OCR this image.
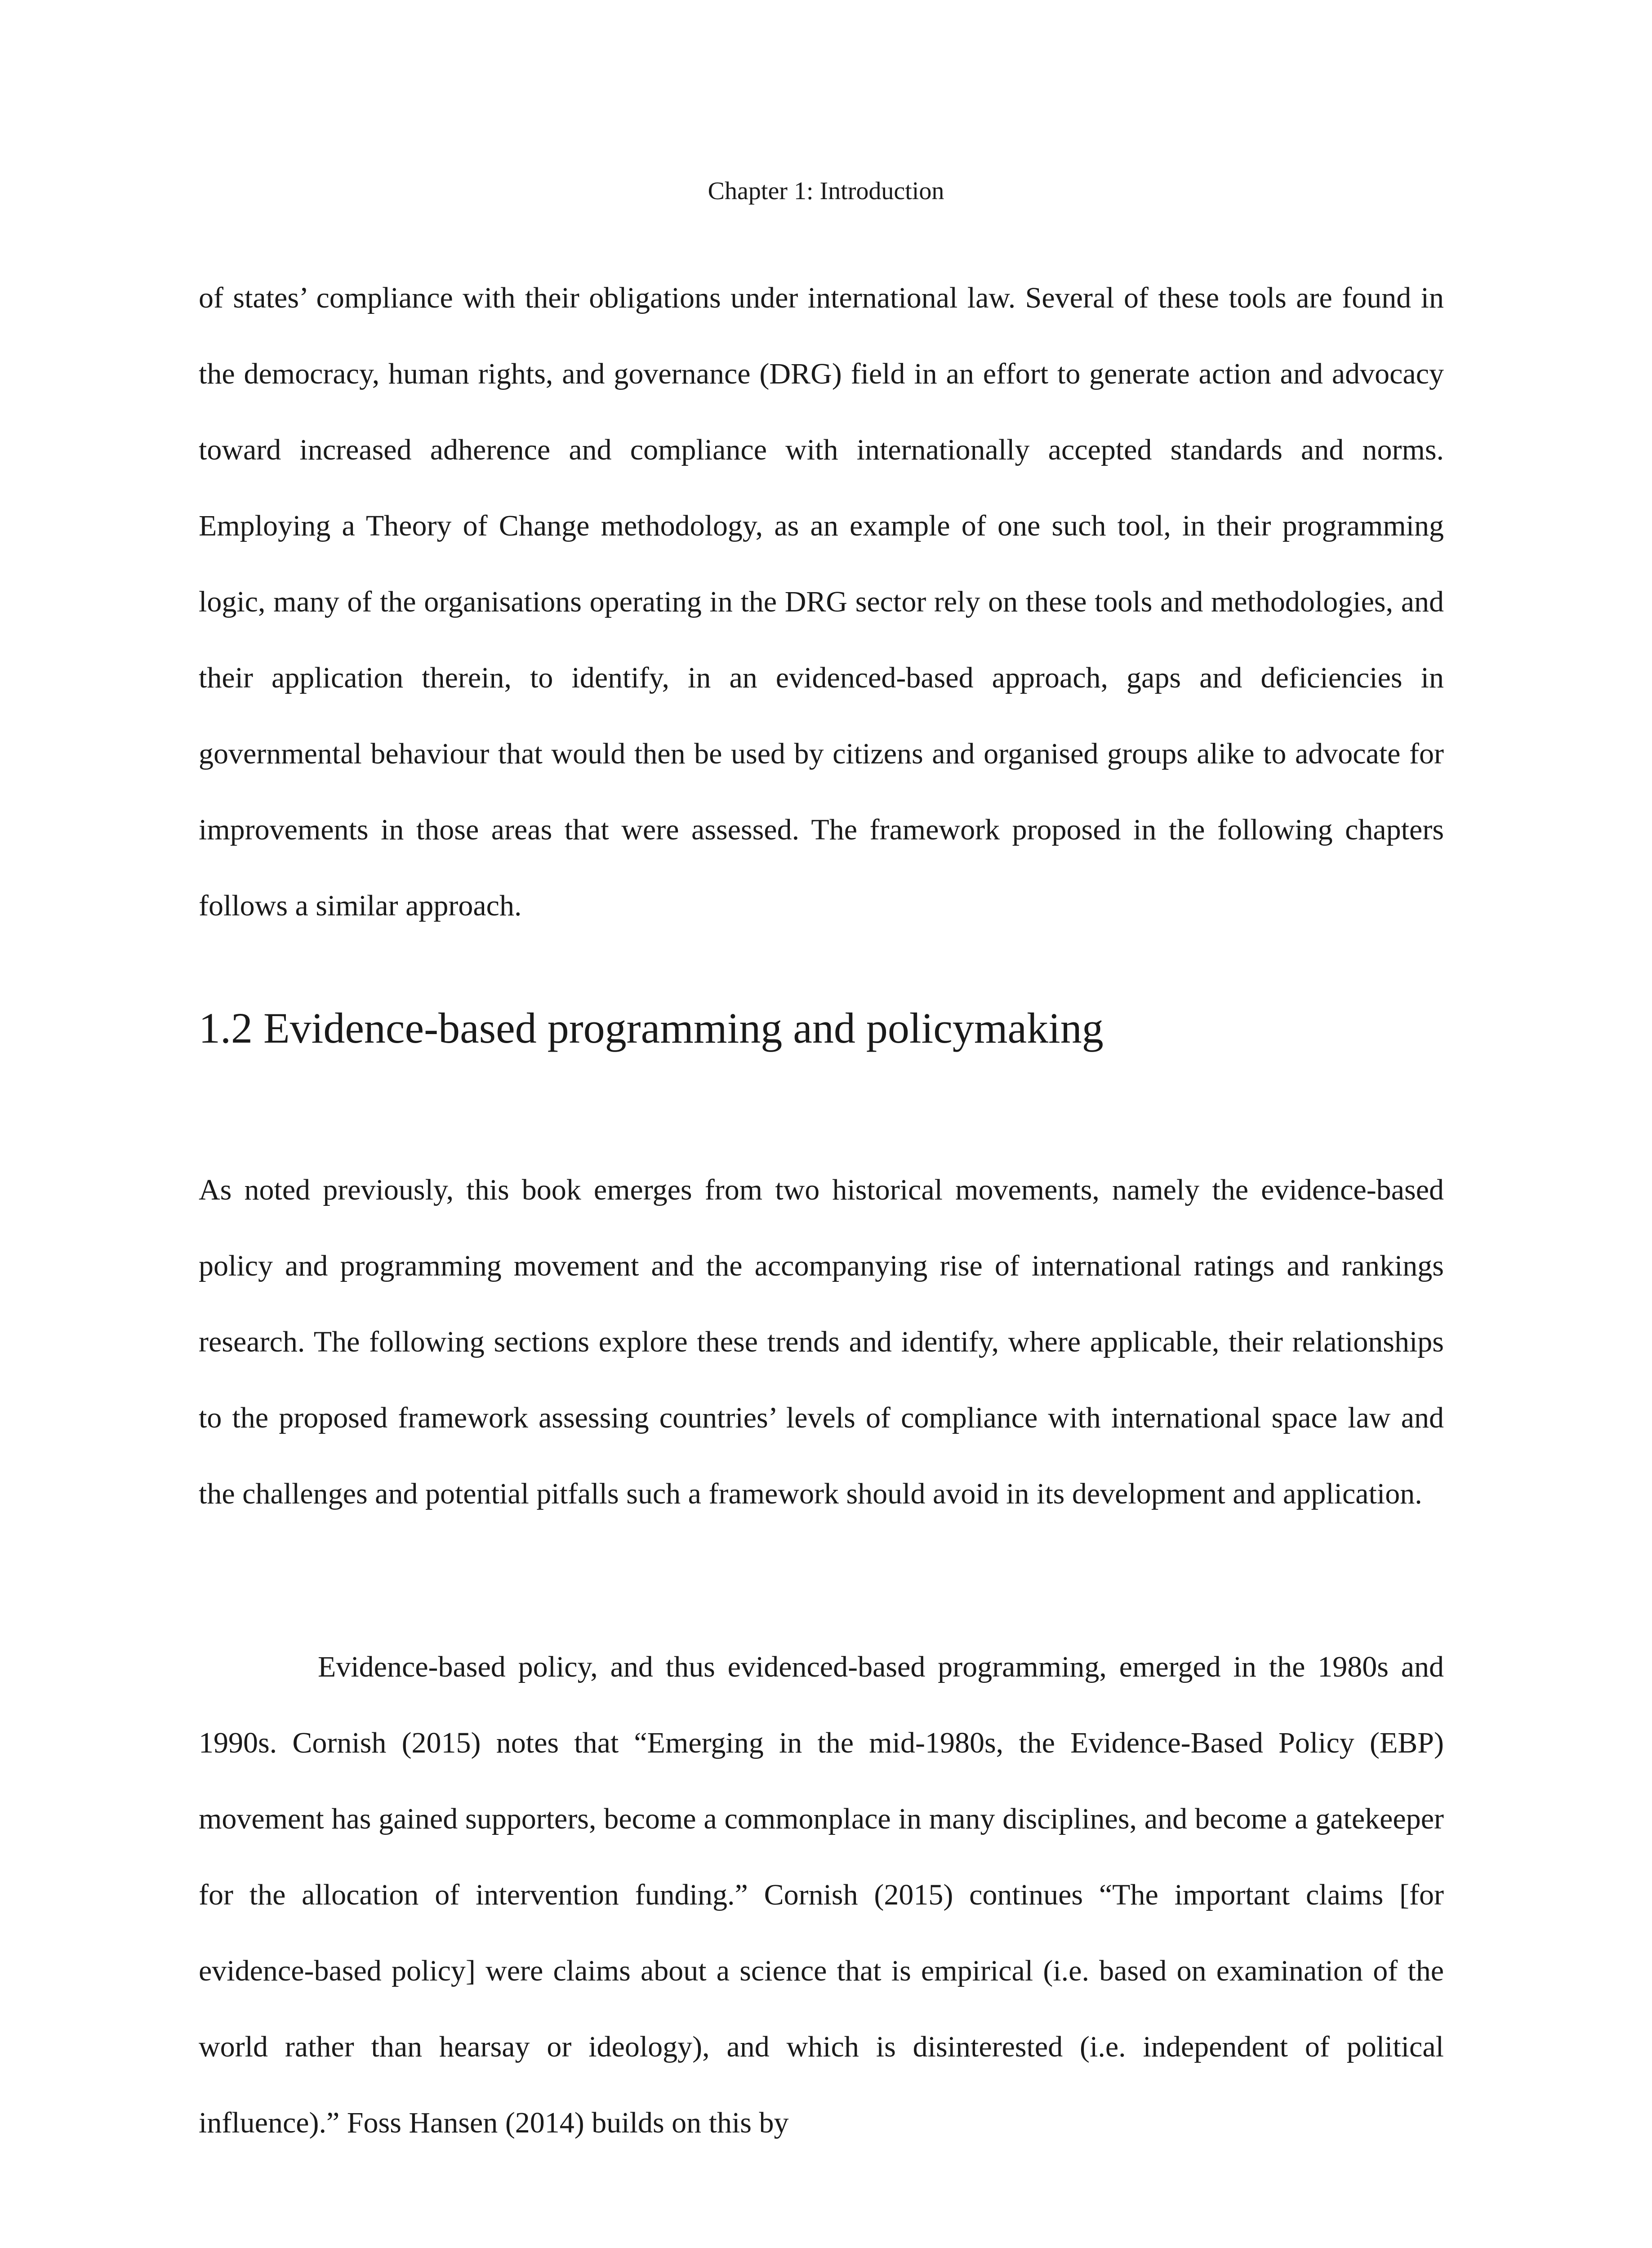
Chapter 1: Introduction

of states’ compliance with their obligations under international law. Several of these tools are found in the democracy, human rights, and governance (DRG) field in an effort to generate action and advocacy toward increased adherence and compliance with internationally accepted standards and norms. Employing a Theory of Change methodology, as an example of one such tool, in their programming logic, many of the organisations operating in the DRG sector rely on these tools and methodologies, and their application therein, to identify, in an evidenced-based approach, gaps and deficiencies in governmental behaviour that would then be used by citizens and organised groups alike to advocate for improvements in those areas that were assessed. The framework proposed in the following chapters follows a similar approach.

1.2 Evidence-based programming and policymaking

As noted previously, this book emerges from two historical movements, namely the evidence-based policy and programming movement and the accompanying rise of international ratings and rankings research. The following sections explore these trends and identify, where applicable, their relationships to the proposed framework assessing countries’ levels of compliance with international space law and the challenges and potential pitfalls such a framework should avoid in its development and application.

Evidence-based policy, and thus evidenced-based programming, emerged in the 1980s and 1990s. Cornish (2015) notes that “Emerging in the mid-1980s, the Evidence-Based Policy (EBP) movement has gained supporters, become a commonplace in many disciplines, and become a gatekeeper for the allocation of intervention funding.” Cornish (2015) continues “The important claims [for evidence-based policy] were claims about a science that is empirical (i.e. based on examination of the world rather than hearsay or ideology), and which is disinterested (i.e. independent of political influence).” Foss Hansen (2014) builds on this by
